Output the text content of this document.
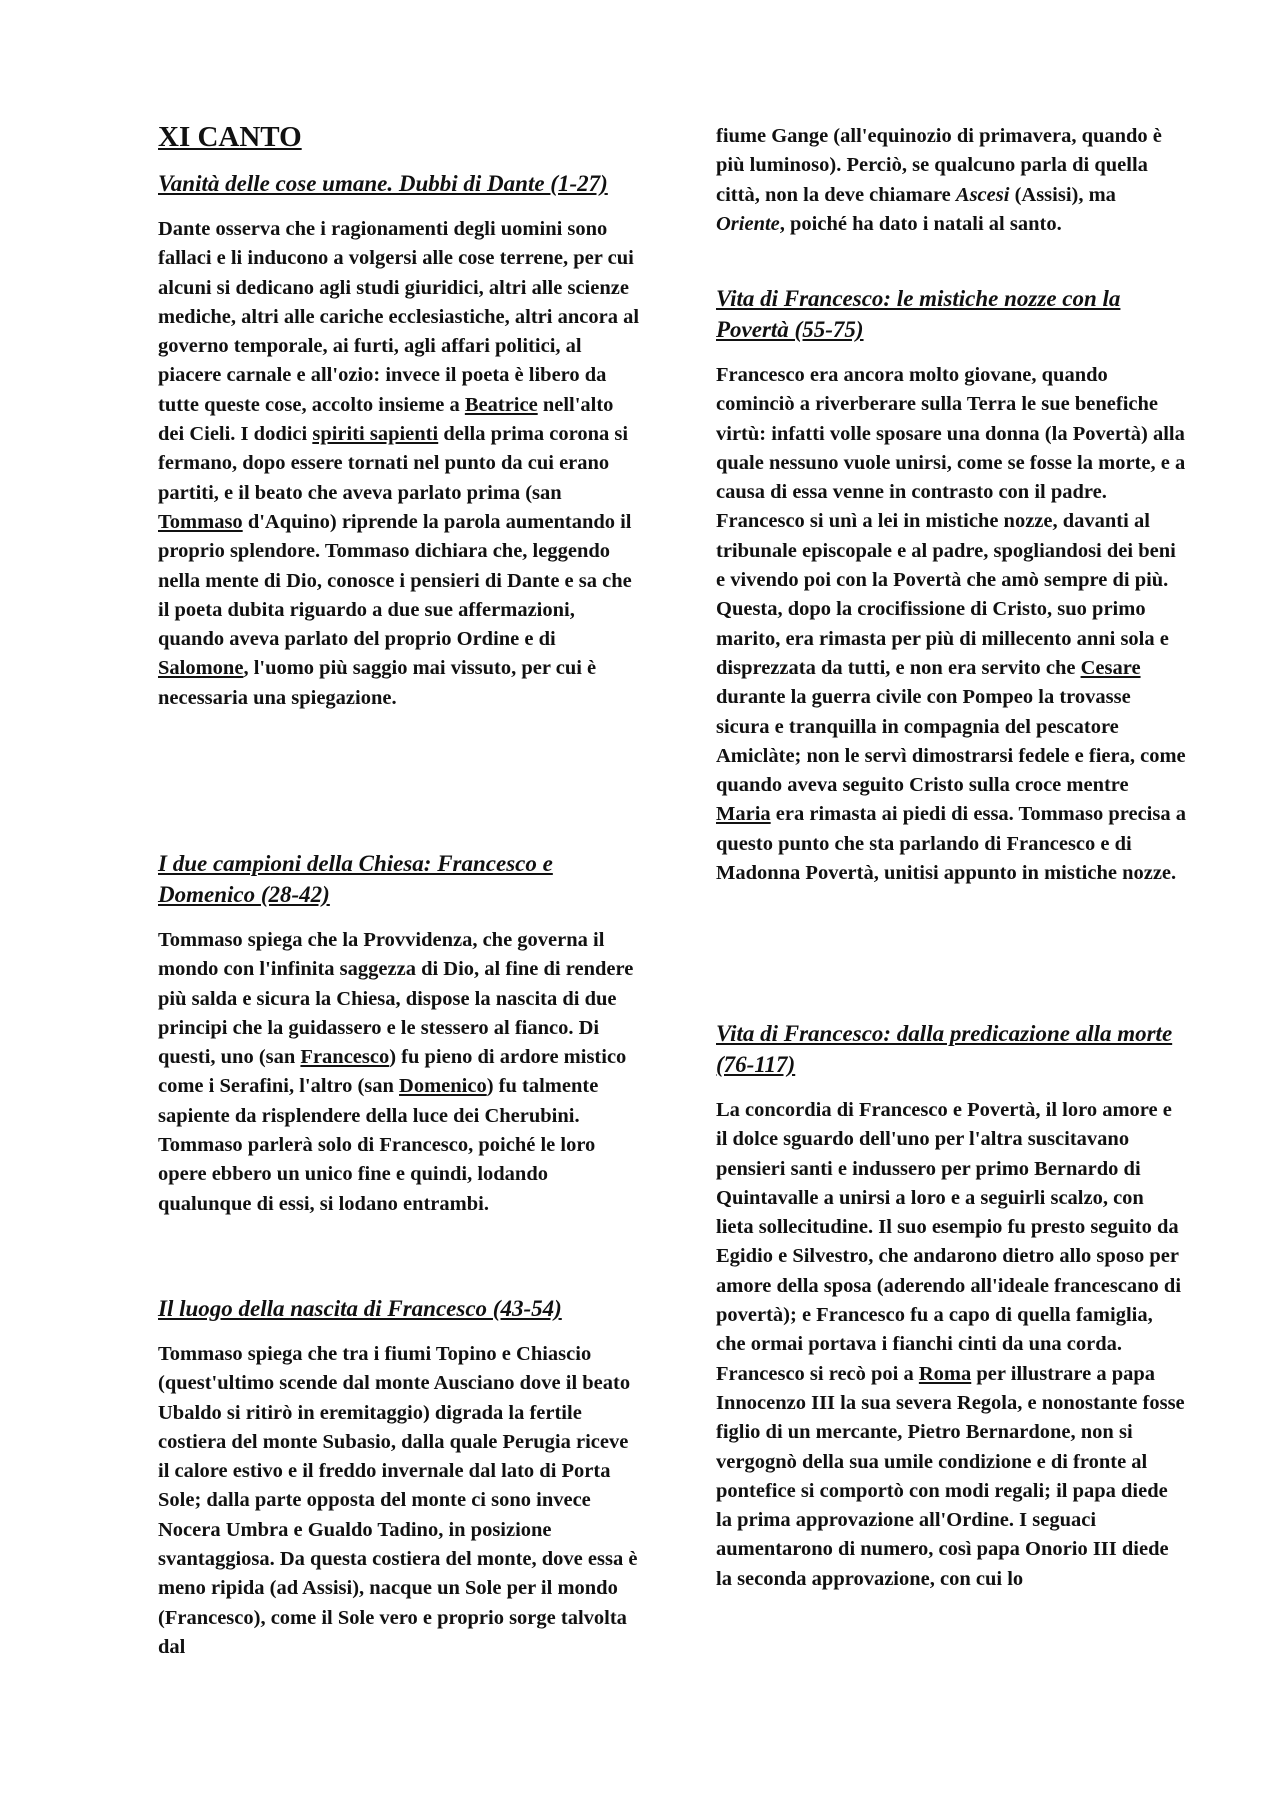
XI CANTO
Vanità delle cose umane. Dubbi di Dante (1-27)

Dante osserva che i ragionamenti degli uomini sono fallaci e li inducono a volgersi alle cose terrene, per cui alcuni si dedicano agli studi giuridici, altri alle scienze mediche, altri alle cariche ecclesiastiche, altri ancora al governo temporale, ai furti, agli affari politici, al piacere carnale e all'ozio: invece il poeta è libero da tutte queste cose, accolto insieme a Beatrice nell'alto dei Cieli. I dodici spiriti sapienti della prima corona si fermano, dopo essere tornati nel punto da cui erano partiti, e il beato che aveva parlato prima (san Tommaso d'Aquino) riprende la parola aumentando il proprio splendore. Tommaso dichiara che, leggendo nella mente di Dio, conosce i pensieri di Dante e sa che il poeta dubita riguardo a due sue affermazioni, quando aveva parlato del proprio Ordine e di Salomone, l'uomo più saggio mai vissuto, per cui è necessaria una spiegazione.

I due campioni della Chiesa: Francesco e Domenico (28-42)

Tommaso spiega che la Provvidenza, che governa il mondo con l'infinita saggezza di Dio, al fine di rendere più salda e sicura la Chiesa, dispose la nascita di due principi che la guidassero e le stessero al fianco. Di questi, uno (san Francesco) fu pieno di ardore mistico come i Serafini, l'altro (san Domenico) fu talmente sapiente da risplendere della luce dei Cherubini. Tommaso parlerà solo di Francesco, poiché le loro opere ebbero un unico fine e quindi, lodando qualunque di essi, si lodano entrambi.

Il luogo della nascita di Francesco (43-54)

Tommaso spiega che tra i fiumi Topino e Chiascio (quest'ultimo scende dal monte Ausciano dove il beato Ubaldo si ritirò in eremitaggio) digrada la fertile costiera del monte Subasio, dalla quale Perugia riceve il calore estivo e il freddo invernale dal lato di Porta Sole; dalla parte opposta del monte ci sono invece Nocera Umbra e Gualdo Tadino, in posizione svantaggiosa. Da questa costiera del monte, dove essa è meno ripida (ad Assisi), nacque un Sole per il mondo (Francesco), come il Sole vero e proprio sorge talvolta dal

fiume Gange (all'equinozio di primavera, quando è più luminoso). Perciò, se qualcuno parla di quella città, non la deve chiamare Ascesi (Assisi), ma Oriente, poiché ha dato i natali al santo.

Vita di Francesco: le mistiche nozze con la Povertà (55-75)

Francesco era ancora molto giovane, quando cominciò a riverberare sulla Terra le sue benefiche virtù: infatti volle sposare una donna (la Povertà) alla quale nessuno vuole unirsi, come se fosse la morte, e a causa di essa venne in contrasto con il padre. Francesco si unì a lei in mistiche nozze, davanti al tribunale episcopale e al padre, spogliandosi dei beni e vivendo poi con la Povertà che amò sempre di più. Questa, dopo la crocifissione di Cristo, suo primo marito, era rimasta per più di millecento anni sola e disprezzata da tutti, e non era servito che Cesare durante la guerra civile con Pompeo la trovasse sicura e tranquilla in compagnia del pescatore Amiclàte; non le servì dimostrarsi fedele e fiera, come quando aveva seguito Cristo sulla croce mentre Maria era rimasta ai piedi di essa. Tommaso precisa a questo punto che sta parlando di Francesco e di Madonna Povertà, unitisi appunto in mistiche nozze.

Vita di Francesco: dalla predicazione alla morte (76-117)

La concordia di Francesco e Povertà, il loro amore e il dolce sguardo dell'uno per l'altra suscitavano pensieri santi e indussero per primo Bernardo di Quintavalle a unirsi a loro e a seguirli scalzo, con lieta sollecitudine. Il suo esempio fu presto seguito da Egidio e Silvestro, che andarono dietro allo sposo per amore della sposa (aderendo all'ideale francescano di povertà); e Francesco fu a capo di quella famiglia, che ormai portava i fianchi cinti da una corda.

Francesco si recò poi a Roma per illustrare a papa Innocenzo III la sua severa Regola, e nonostante fosse figlio di un mercante, Pietro Bernardone, non si vergognò della sua umile condizione e di fronte al pontefice si comportò con modi regali; il papa diede la prima approvazione all'Ordine. I seguaci aumentarono di numero, così papa Onorio III diede la seconda approvazione, con cui lo
